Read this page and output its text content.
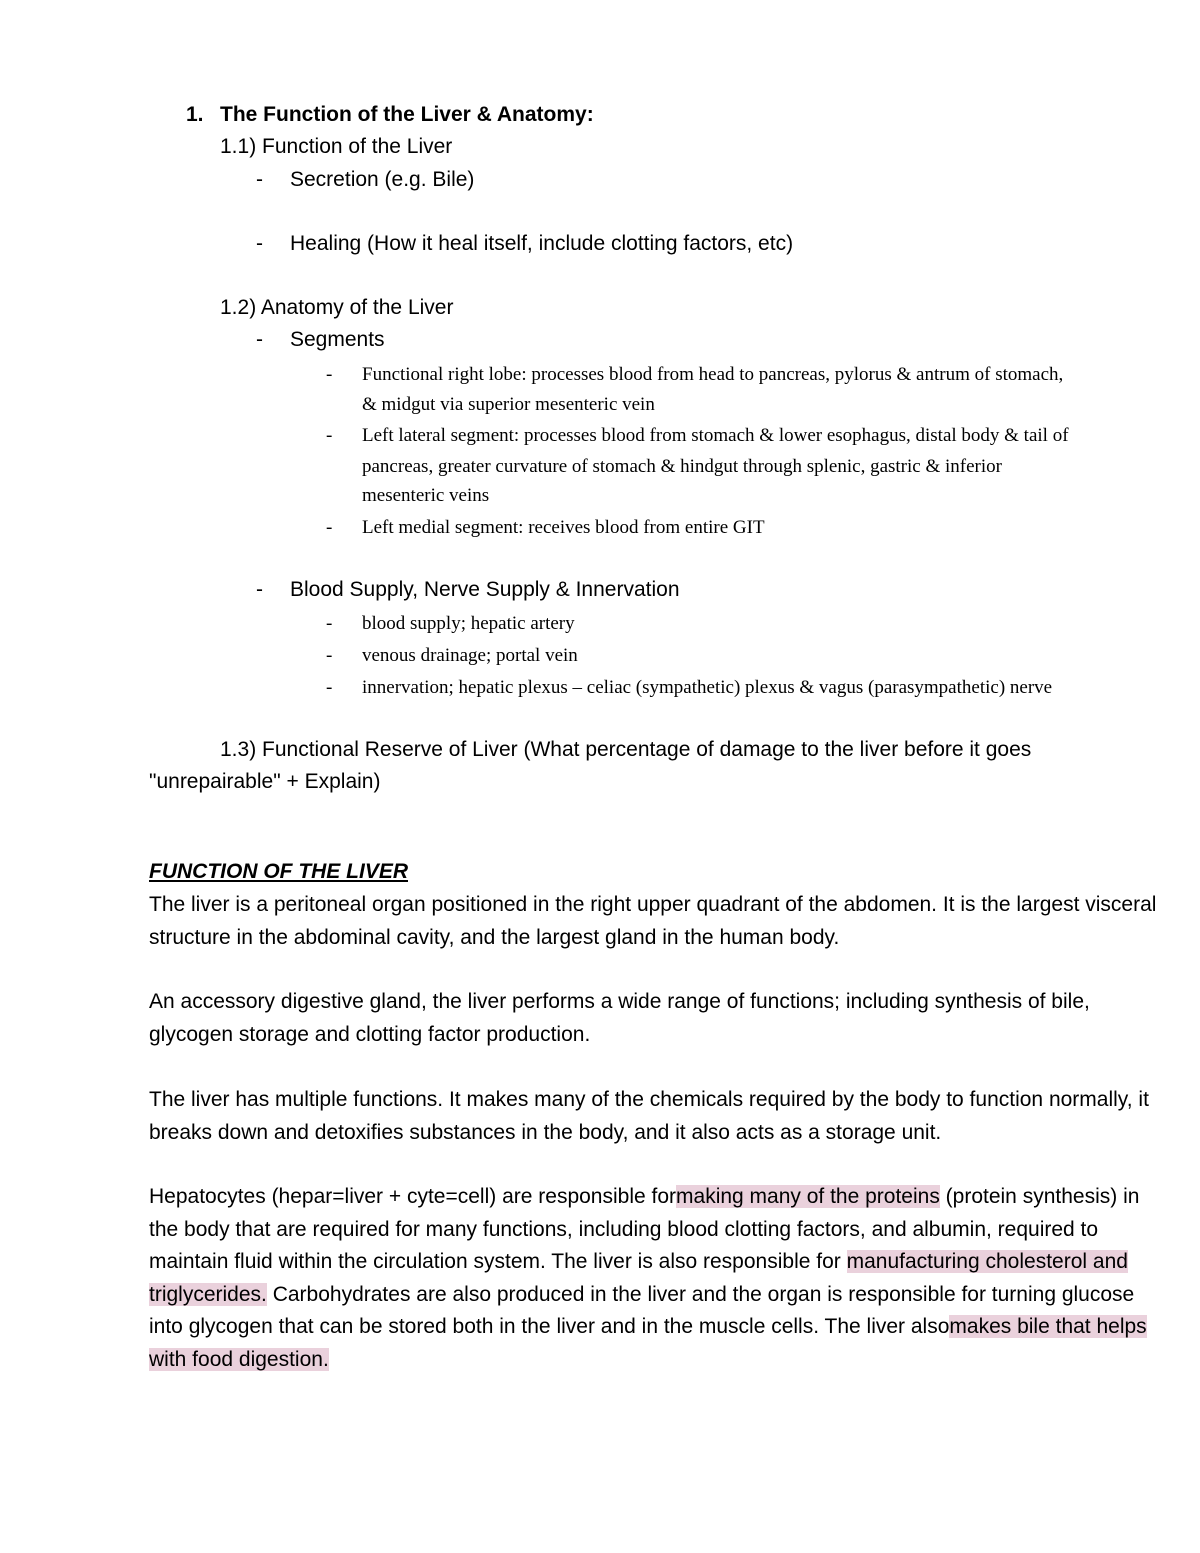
1. The Function of the Liver & Anatomy:
1.1) Function of the Liver
- Secretion (e.g. Bile)
- Healing (How it heal itself, include clotting factors, etc)
1.2) Anatomy of the Liver
- Segments
- Functional right lobe: processes blood from head to pancreas, pylorus & antrum of stomach,
& midgut via superior mesenteric vein
- Left lateral segment: processes blood from stomach & lower esophagus, distal body & tail of
pancreas, greater curvature of stomach & hindgut through splenic, gastric & inferior
mesenteric veins
- Left medial segment: receives blood from entire GIT
- Blood Supply, Nerve Supply & Innervation
- blood supply; hepatic artery
- venous drainage; portal vein
- innervation; hepatic plexus – celiac (sympathetic) plexus & vagus (parasympathetic) nerve
1.3) Functional Reserve of Liver (What percentage of damage to the liver before it goes
"unrepairable" + Explain)
FUNCTION OF THE LIVER

The liver is a peritoneal organ positioned in the right upper quadrant of the abdomen. It is the largest visceral structure in the abdominal cavity, and the largest gland in the human body.

An accessory digestive gland, the liver performs a wide range of functions; including synthesis of bile, glycogen storage and clotting factor production.

The liver has multiple functions. It makes many of the chemicals required by the body to function normally, it breaks down and detoxifies substances in the body, and it also acts as a storage unit.

Hepatocytes (hepar=liver + cyte=cell) are responsible formaking many of the proteins (protein synthesis) in the body that are required for many functions, including blood clotting factors, and albumin, required to maintain fluid within the circulation system. The liver is also responsible for manufacturing cholesterol and triglycerides. Carbohydrates are also produced in the liver and the organ is responsible for turning glucose into glycogen that can be stored both in the liver and in the muscle cells. The liver alsomakes bile that helps with food digestion.
